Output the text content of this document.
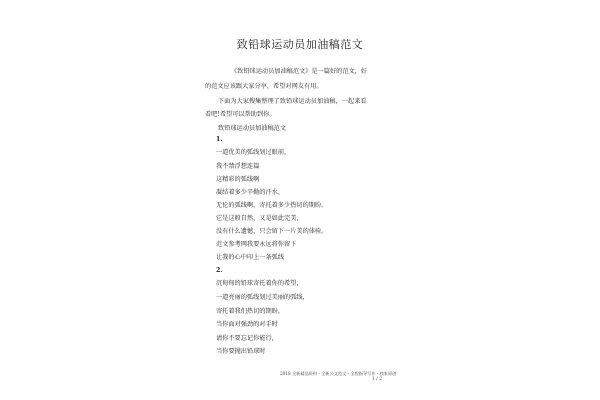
致铅球运动员加油稿范文
《致铅球运动员加油稿范文》是一篇好的范文，好
的范文应该跟大家分享，希望对网友有用。
下面为大家搜集整理了致铅球运动员加油稿，一起来看
看吧!希望可以帮助到你。
致铅球运动员加油稿范文
1.
一道优美的弧线划过眼前，
我不禁浮想连篇
这精彩的弧线啊
凝结着多少辛勤的汗水，
无伦的弧线啊，寄托着多少热切的期盼。
它是这般自然，又是如此完美，
没有什么遗憾，只会留下一片美的体验。
范文参考网我要永远将你留下
让我的心中印上一条弧线
2.
沉甸甸的铅球寄托着你的希望，
一道亮丽的弧线划过美丽的弧线，
寄托着我们热切的期盼，
当你面对强劲的对手时
请你不要忘记你能行，
当你要抛出铅球时
2018 全新精品资料 - 全新公文范文 - 全程指导写作 - 独家原创
1 / 2
